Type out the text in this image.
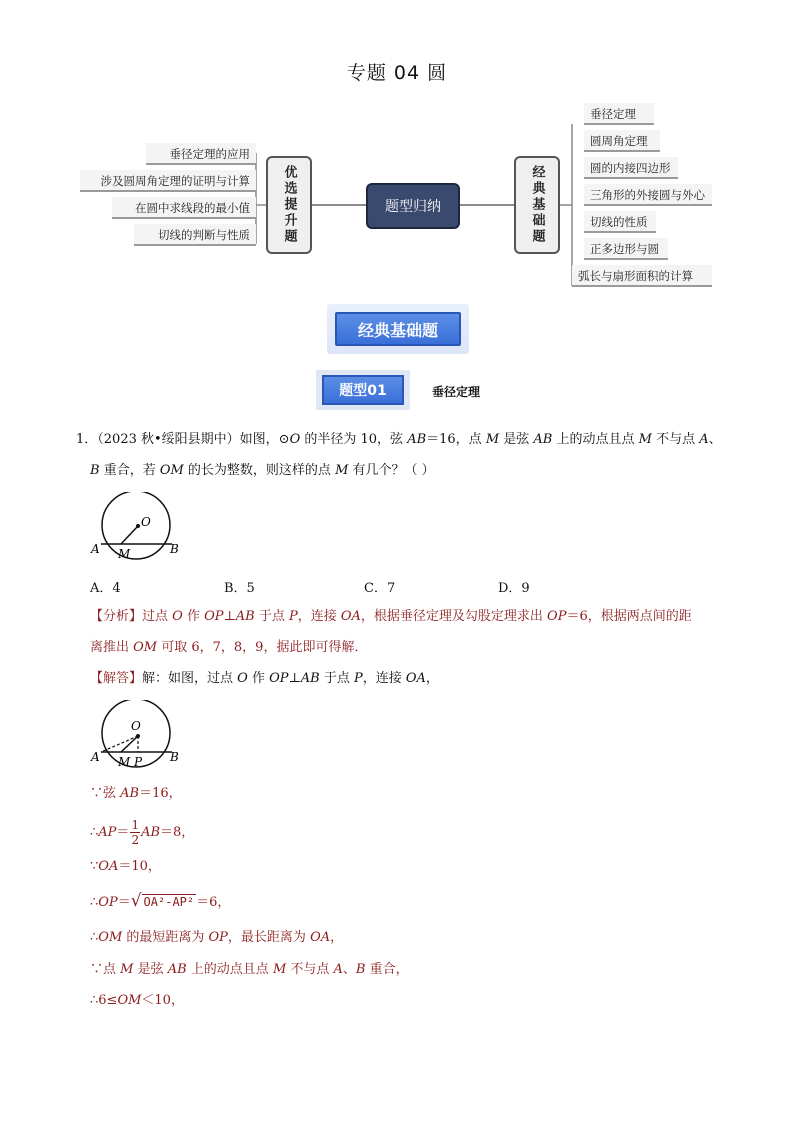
专题 04 圆
垂径定理的应用
涉及圆周角定理的证明与计算
在圆中求线段的最小值
切线的判断与性质	优选提升题	题型归纳	经典基础题
垂径定理
圆周角定理
圆的内接四边形
三角形的外接圆与外心
切线的性质
正多边形与圆
弧长与扇形面积的计算
经典基础题
题型01	垂径定理
1．（2023 秋•绥阳县期中）如图，⊙O 的半径为 10，弦 AB＝16，点 M 是弦 AB 上的动点且点 M 不与点 A、
B 重合，若 OM 的长为整数，则这样的点 M 有几个？（ ）
O
A M	B
A．4	B．5	C．7	D．9
【分析】过点 O 作 OP⊥AB 于点 P，连接 OA，根据垂径定理及勾股定理求出 OP＝6，根据两点间的距
离推出 OM 可取 6，7，8，9，据此即可得解．
【解答】解：如图，过点 O 作 OP⊥AB 于点 P，连接 OA，
O
A M P B
∵弦 AB＝16，
∴AP＝ $\frac{1}{2} AB=8$，
∵OA＝10，
∴OP＝√ OA²-AP² ＝6，
∴OM 的最短距离为 OP，最长距离为 OA，
∵点 M 是弦 AB 上的动点且点 M 不与点 A、B 重合，
∴6≤OM＜10，
